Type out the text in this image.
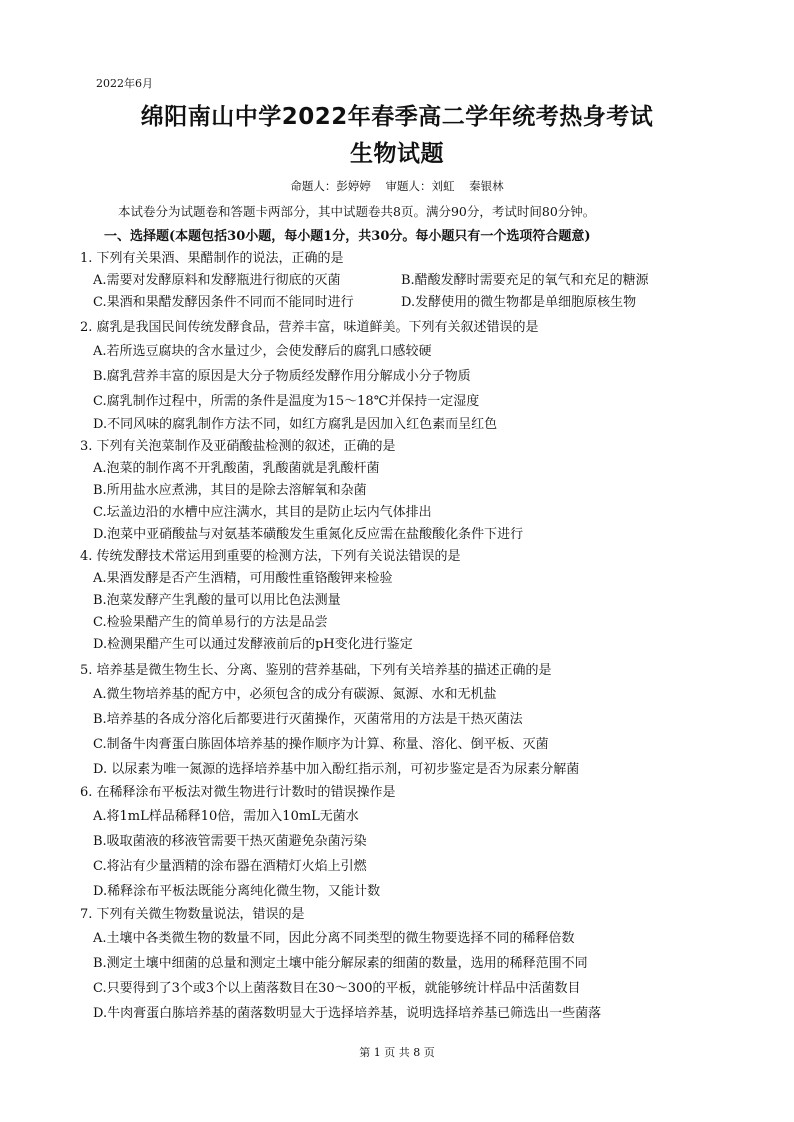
2022年6月
绵阳南山中学2022年春季高二学年统考热身考试
生物试题
命题人：彭婷婷    审题人：刘虹    秦银林
本试卷分为试题卷和答题卡两部分，其中试题卷共8页。满分90分，考试时间80分钟。
一、选择题(本题包括30小题，每小题1分，共30分。每小题只有一个选项符合题意)
1. 下列有关果酒、果醋制作的说法，正确的是
A.需要对发酵原料和发酵瓶进行彻底的灭菌	B.醋酸发酵时需要充足的氧气和充足的糖源
C.果酒和果醋发酵因条件不同而不能同时进行	D.发酵使用的微生物都是单细胞原核生物
2. 腐乳是我国民间传统发酵食品，营养丰富，味道鲜美。下列有关叙述错误的是
A.若所选豆腐块的含水量过少，会使发酵后的腐乳口感较硬
B.腐乳营养丰富的原因是大分子物质经发酵作用分解成小分子物质
C.腐乳制作过程中，所需的条件是温度为15～18℃并保持一定湿度
D.不同风味的腐乳制作方法不同，如红方腐乳是因加入红色素而呈红色
3. 下列有关泡菜制作及亚硝酸盐检测的叙述，正确的是
A.泡菜的制作离不开乳酸菌，乳酸菌就是乳酸杆菌
B.所用盐水应煮沸，其目的是除去溶解氧和杂菌
C.坛盖边沿的水槽中应注满水，其目的是防止坛内气体排出
D.泡菜中亚硝酸盐与对氨基苯磺酸发生重氮化反应需在盐酸酸化条件下进行
4. 传统发酵技术常运用到重要的检测方法，下列有关说法错误的是
A.果酒发酵是否产生酒精，可用酸性重铬酸钾来检验
B.泡菜发酵产生乳酸的量可以用比色法测量
C.检验果醋产生的简单易行的方法是品尝
D.检测果醋产生可以通过发酵液前后的pH变化进行鉴定
5. 培养基是微生物生长、分离、鉴别的营养基础，下列有关培养基的描述正确的是
A.微生物培养基的配方中，必须包含的成分有碳源、氮源、水和无机盐
B.培养基的各成分溶化后都要进行灭菌操作，灭菌常用的方法是干热灭菌法
C.制备牛肉膏蛋白胨固体培养基的操作顺序为计算、称量、溶化、倒平板、灭菌
D. 以尿素为唯一氮源的选择培养基中加入酚红指示剂，可初步鉴定是否为尿素分解菌
6. 在稀释涂布平板法对微生物进行计数时的错误操作是
A.将1mL样品稀释10倍，需加入10mL无菌水
B.吸取菌液的移液管需要干热灭菌避免杂菌污染
C.将沾有少量酒精的涂布器在酒精灯火焰上引燃
D.稀释涂布平板法既能分离纯化微生物，又能计数
7. 下列有关微生物数量说法，错误的是
A.土壤中各类微生物的数量不同，因此分离不同类型的微生物要选择不同的稀释倍数
B.测定土壤中细菌的总量和测定土壤中能分解尿素的细菌的数量，选用的稀释范围不同
C.只要得到了3个或3个以上菌落数目在30～300的平板，就能够统计样品中活菌数目
D.牛肉膏蛋白胨培养基的菌落数明显大于选择培养基，说明选择培养基已筛选出一些菌落
第 1 页 共 8 页
